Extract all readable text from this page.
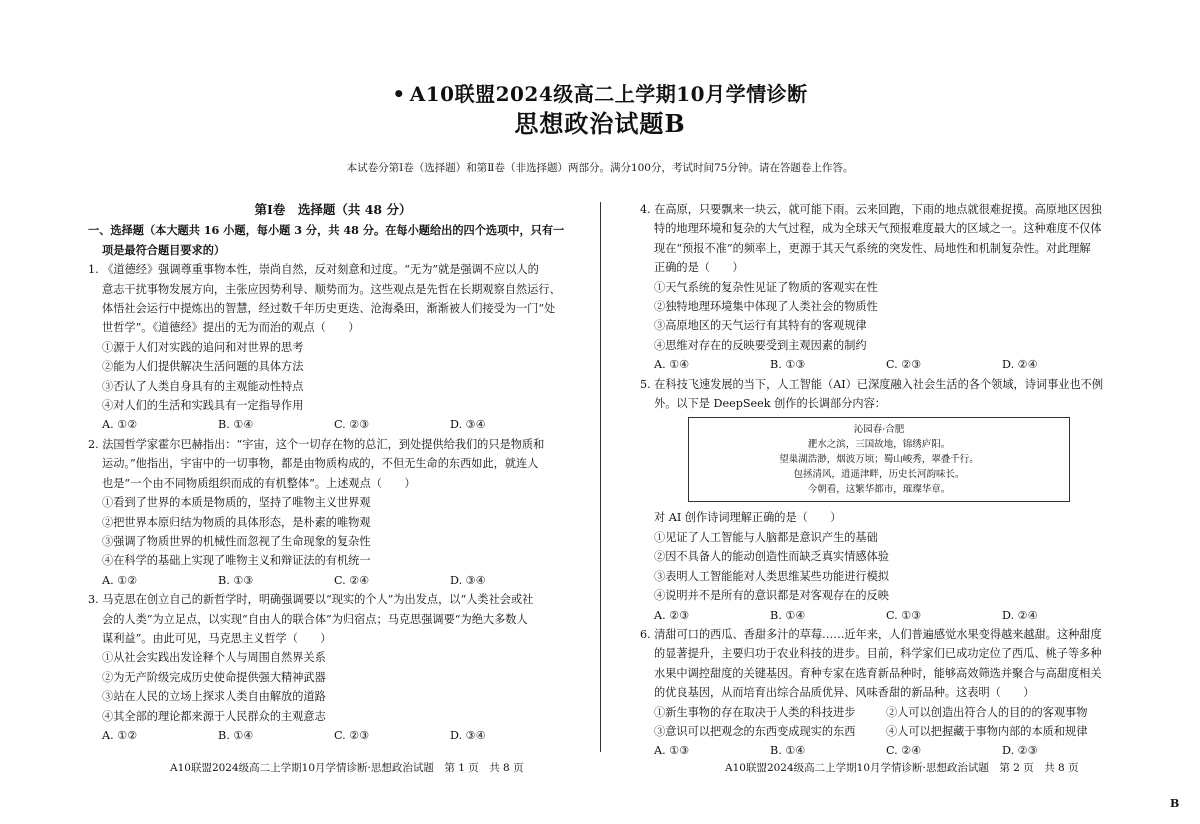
• A10联盟2024级高二上学期10月学情诊断
思想政治试题B
本试卷分第Ⅰ卷（选择题）和第Ⅱ卷（非选择题）两部分。满分100分，考试时间75分钟。请在答题卷上作答。
第Ⅰ卷　选择题（共 48 分）
一、选择题（本大题共 16 小题，每小题 3 分，共 48 分。在每小题给出的四个选项中，只有一
项是最符合题目要求的）
1. 《道德经》强调尊重事物本性，崇尚自然，反对刻意和过度。“无为”就是强调不应以人的
意志干扰事物发展方向，主张应因势利导、顺势而为。这些观点是先哲在长期观察自然运行、
体悟社会运行中提炼出的智慧，经过数千年历史更迭、沧海桑田，渐渐被人们接受为一门“处
世哲学”。《道德经》提出的无为而治的观点（　　）
①源于人们对实践的追问和对世界的思考
②能为人们提供解决生活问题的具体方法
③否认了人类自身具有的主观能动性特点
④对人们的生活和实践具有一定指导作用
A. ①②	B. ①④	C. ②③	D. ③④
2. 法国哲学家霍尔巴赫指出：“宇宙，这个一切存在物的总汇，到处提供给我们的只是物质和
运动。”他指出，宇宙中的一切事物，都是由物质构成的，不但无生命的东西如此，就连人
也是“一个由不同物质组织而成的有机整体”。上述观点（　　）
①看到了世界的本质是物质的，坚持了唯物主义世界观
②把世界本原归结为物质的具体形态，是朴素的唯物观
③强调了物质世界的机械性而忽视了生命现象的复杂性
④在科学的基础上实现了唯物主义和辩证法的有机统一
A. ①②	B. ①③	C. ②④	D. ③④
3. 马克思在创立自己的新哲学时，明确强调要以“现实的个人”为出发点，以“人类社会或社
会的人类”为立足点，以实现“自由人的联合体”为归宿点；马克思强调要“为绝大多数人
谋利益”。由此可见，马克思主义哲学（　　）
①从社会实践出发诠释个人与周围自然界关系
②为无产阶级完成历史使命提供强大精神武器
③站在人民的立场上探求人类自由解放的道路
④其全部的理论都来源于人民群众的主观意志
A. ①②	B. ①④	C. ②③	D. ③④
4. 在高原，只要飘来一块云，就可能下雨。云来回跑，下雨的地点就很难捉摸。高原地区因独
特的地理环境和复杂的大气过程，成为全球天气预报难度最大的区域之一。这种难度不仅体
现在“预报不准”的频率上，更源于其天气系统的突发性、局地性和机制复杂性。对此理解
正确的是（　　）
①天气系统的复杂性见证了物质的客观实在性
②独特地理环境集中体现了人类社会的物质性
③高原地区的天气运行有其特有的客观规律
④思维对存在的反映要受到主观因素的制约
A. ①④	B. ①③	C. ②③	D. ②④
5. 在科技飞速发展的当下，人工智能（AI）已深度融入社会生活的各个领域，诗词事业也不例
外。以下是 DeepSeek 创作的长调部分内容：
沁园春·合肥
淝水之滨，三国故地，锦绣庐阳。
望巢湖浩渺，烟波万顷；蜀山峻秀，翠叠千行。
包拯清风，逍遥津畔，历史长河韵味长。
今朝看，这繁华都市，璀璨华章。
对 AI 创作诗词理解正确的是（　　）
①见证了人工智能与人脑都是意识产生的基础
②因不具备人的能动创造性而缺乏真实情感体验
③表明人工智能能对人类思维某些功能进行模拟
④说明并不是所有的意识都是对客观存在的反映
A. ②③	B. ①④	C. ①③	D. ②④
6. 清甜可口的西瓜、香甜多汁的草莓……近年来，人们普遍感觉水果变得越来越甜。这种甜度
的显著提升，主要归功于农业科技的进步。目前，科学家们已成功定位了西瓜、桃子等多种
水果中调控甜度的关键基因。育种专家在选育新品种时，能够高效筛选并聚合与高甜度相关
的优良基因，从而培育出综合品质优异、风味香甜的新品种。这表明（　　）
①新生事物的存在取决于人类的科技进步	②人可以创造出符合人的目的的客观事物
③意识可以把观念的东西变成现实的东西	④人可以把握藏于事物内部的本质和规律
A. ①③	B. ①④	C. ②④	D. ②③
A10联盟2024级高二上学期10月学情诊断·思想政治试题　第 1 页　共 8 页	A10联盟2024级高二上学期10月学情诊断·思想政治试题　第 2 页　共 8 页
B
